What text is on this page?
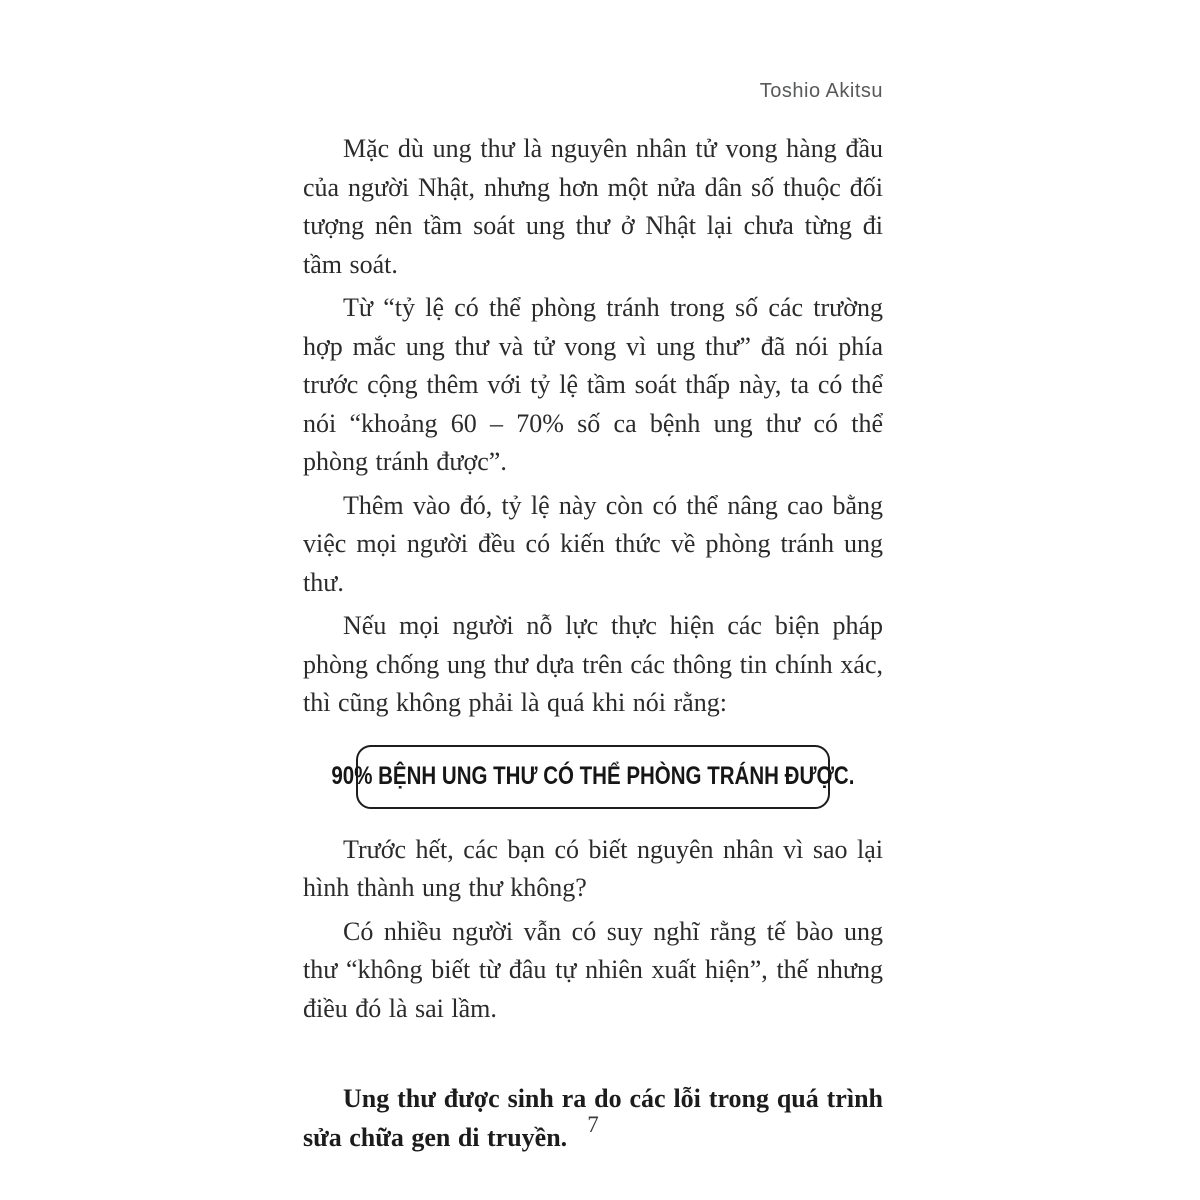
Toshio Akitsu

Mặc dù ung thư là nguyên nhân tử vong hàng đầu của người Nhật, nhưng hơn một nửa dân số thuộc đối tượng nên tầm soát ung thư ở Nhật lại chưa từng đi tầm soát.

Từ “tỷ lệ có thể phòng tránh trong số các trường hợp mắc ung thư và tử vong vì ung thư” đã nói phía trước cộng thêm với tỷ lệ tầm soát thấp này, ta có thể nói “khoảng 60 – 70% số ca bệnh ung thư có thể phòng tránh được”.

Thêm vào đó, tỷ lệ này còn có thể nâng cao bằng việc mọi người đều có kiến thức về phòng tránh ung thư.

Nếu mọi người nỗ lực thực hiện các biện pháp phòng chống ung thư dựa trên các thông tin chính xác, thì cũng không phải là quá khi nói rằng:

90% BỆNH UNG THƯ CÓ THỂ PHÒNG TRÁNH ĐƯỢC.

Trước hết, các bạn có biết nguyên nhân vì sao lại hình thành ung thư không?

Có nhiều người vẫn có suy nghĩ rằng tế bào ung thư “không biết từ đâu tự nhiên xuất hiện”, thế nhưng điều đó là sai lầm.

Ung thư được sinh ra do các lỗi trong quá trình sửa chữa gen di truyền. 7
